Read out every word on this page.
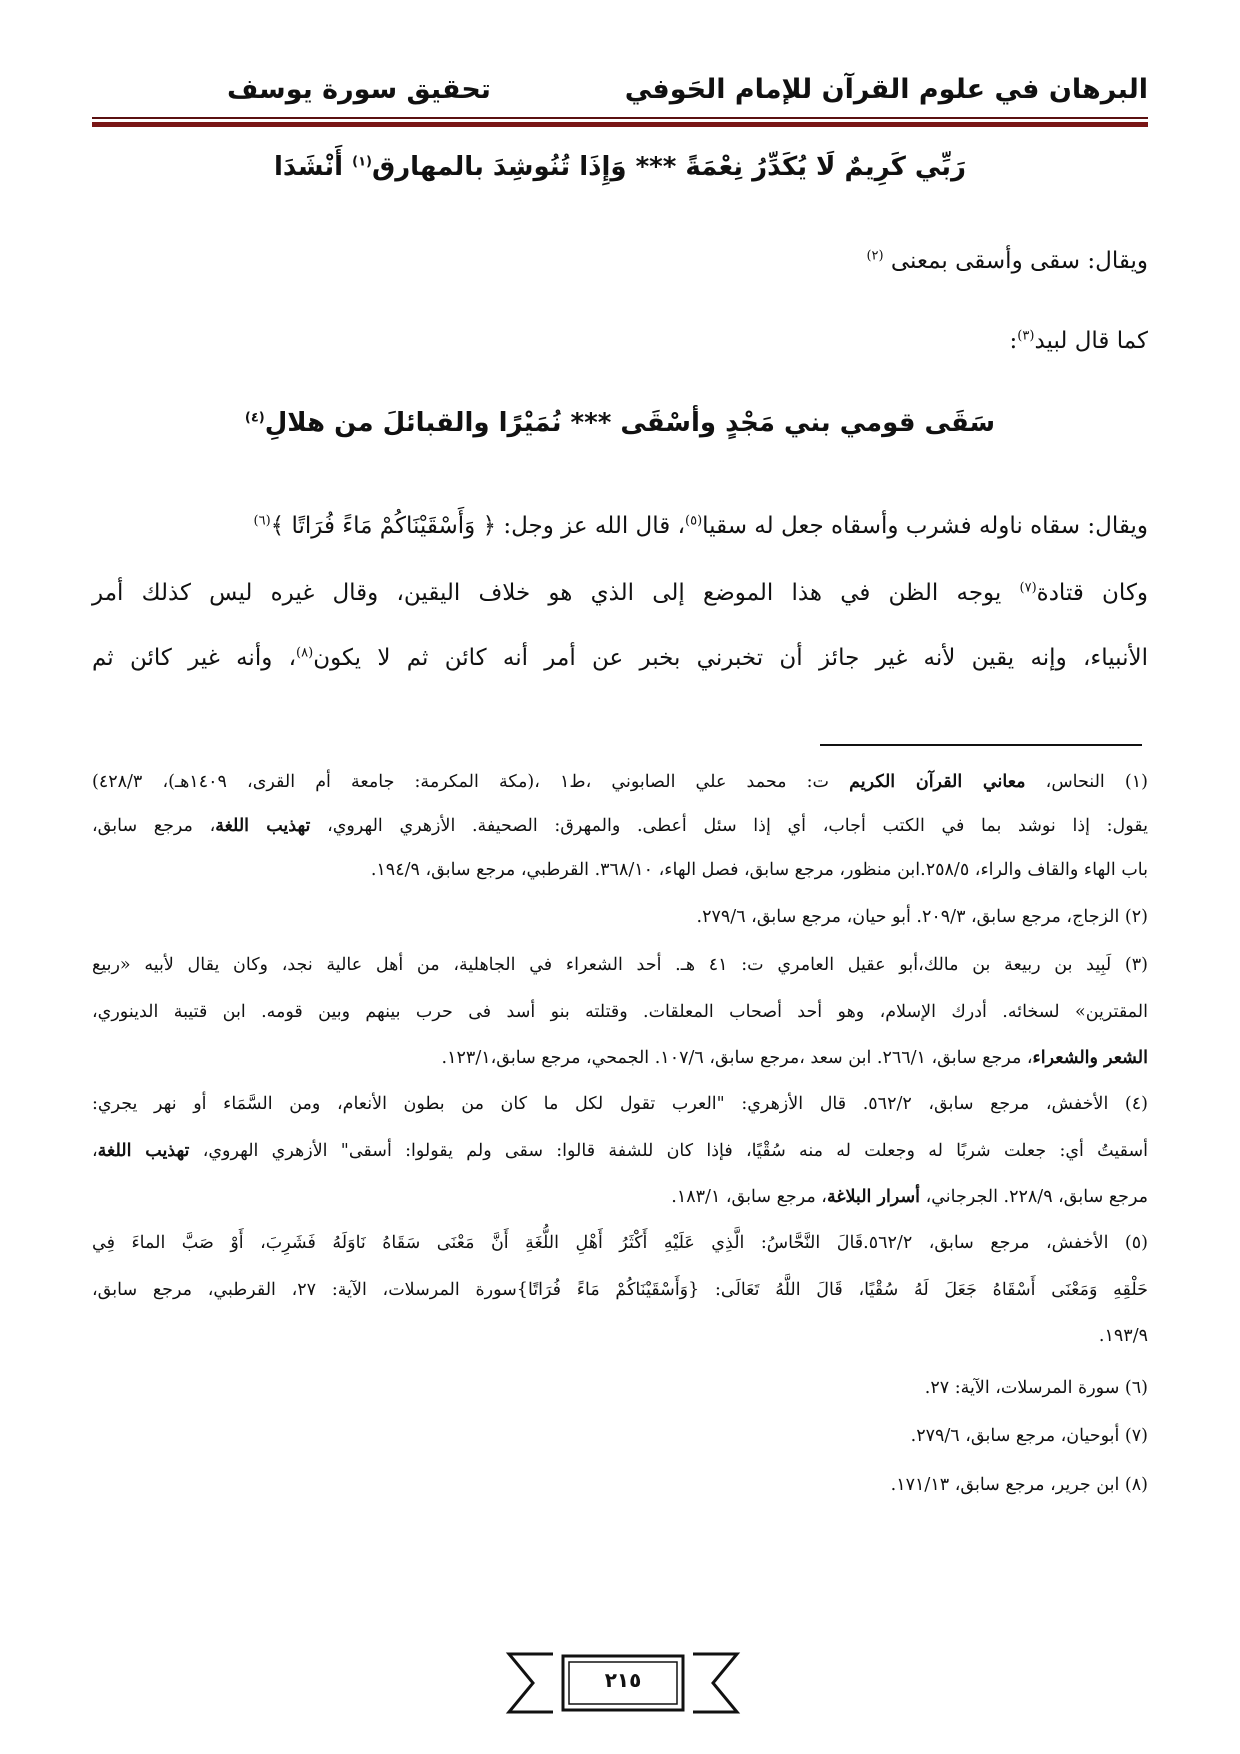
البرهان في علوم القرآن للإمام الحَوفي
تحقيق سورة يوسف
رَبِّي كَرِيمٌ لَا يُكَدِّرُ نِعْمَةً *** وَإِذَا تُنُوشِدَ بالمهارق$^{(١)}$ أَنْشَدَا
ويقال: سقى وأسقى بمعنى $^{(٢)}$
كما قال لبيد$^{(٣)}$:
سَقَى قومي بني مَجْدٍ وأسْقَى *** نُمَيْرًا والقبائلَ من هلالِ$^{(٤)}$
ويقال: سقاه ناوله فشرب وأسقاه جعل له سقيا$^{(٥)}$، قال الله عز وجل: ﴿ وَأَسْقَيْنَاكُمْ مَاءً فُرَاتًا ﴾$^{(٦)}$
وكان قتادة$^{(٧)}$ يوجه الظن في هذا الموضع إلى الذي هو خلاف اليقين، وقال غيره ليس كذلك أمر
الأنبياء، وإنه يقين لأنه غير جائز أن تخبرني بخبر عن أمر أنه كائن ثم لا يكون$^{(٨)}$، وأنه غير كائن ثم
(١) النحاس، معاني القرآن الكريم ت: محمد علي الصابوني ،ط١ ،(مكة المكرمة: جامعة أم القرى، ١٤٠٩هـ)، ٤٢٨/٣)
يقول: إذا نوشد بما في الكتب أجاب، أي إذا سئل أعطى. والمهرق: الصحيفة. الأزهري الهروي، تهذيب اللغة، مرجع سابق،
باب الهاء والقاف والراء، ٢٥٨/٥.ابن منظور، مرجع سابق، فصل الهاء، ٣٦٨/١٠. القرطبي، مرجع سابق، ١٩٤/٩.
(٢) الزجاج، مرجع سابق، ٢٠٩/٣. أبو حيان، مرجع سابق، ٢٧٩/٦.
(٣) لَبِيد بن ربيعة بن مالك،أبو عقيل العامري ت: ٤١ هـ. أحد الشعراء في الجاهلية، من أهل عالية نجد، وكان يقال لأبيه «ربيع
المقترين» لسخائه. أدرك الإسلام، وهو أحد أصحاب المعلقات. وقتلته بنو أسد فى حرب بينهم وبين قومه. ابن قتيبة الدينوري،
الشعر والشعراء، مرجع سابق، ٢٦٦/١. ابن سعد ،مرجع سابق، ١٠٧/٦. الجمحي، مرجع سابق،١٢٣/١.
(٤) الأخفش، مرجع سابق، ٥٦٢/٢. قال الأزهري: "العرب تقول لكل ما كان من بطون الأنعام، ومن السَّمَاء أو نهر يجري:
أسقيتُ أي: جعلت شربًا له وجعلت له منه سُقْيًا، فإذا كان للشفة قالوا: سقى ولم يقولوا: أسقى" الأزهري الهروي، تهذيب اللغة،
مرجع سابق، ٢٢٨/٩. الجرجاني، أسرار البلاغة، مرجع سابق، ١٨٣/١.
(٥) الأخفش، مرجع سابق، ٥٦٢/٢.قَالَ النَّحَّاسُ: الَّذِي عَلَيْهِ أَكْثَرُ أَهْلِ اللُّغَةِ أَنَّ مَعْنَى سَقَاهُ نَاوَلَهُ فَشَرِبَ، أَوْ صَبَّ الماءَ فِي
حَلْقِهِ وَمَعْنَى أَسْقَاهُ جَعَلَ لَهُ سُقْيًا، قَالَ اللَّهُ تَعَالَى: {وَأَسْقَيْنَاكُمْ مَاءً فُرَاتًا}سورة المرسلات، الآية: ٢٧، القرطبي، مرجع سابق،
١٩٣/٩.
(٦) سورة المرسلات، الآية: ٢٧.
(٧) أبوحيان، مرجع سابق، ٢٧٩/٦.
(٨) ابن جرير، مرجع سابق، ١٧١/١٣.
٢١٥
